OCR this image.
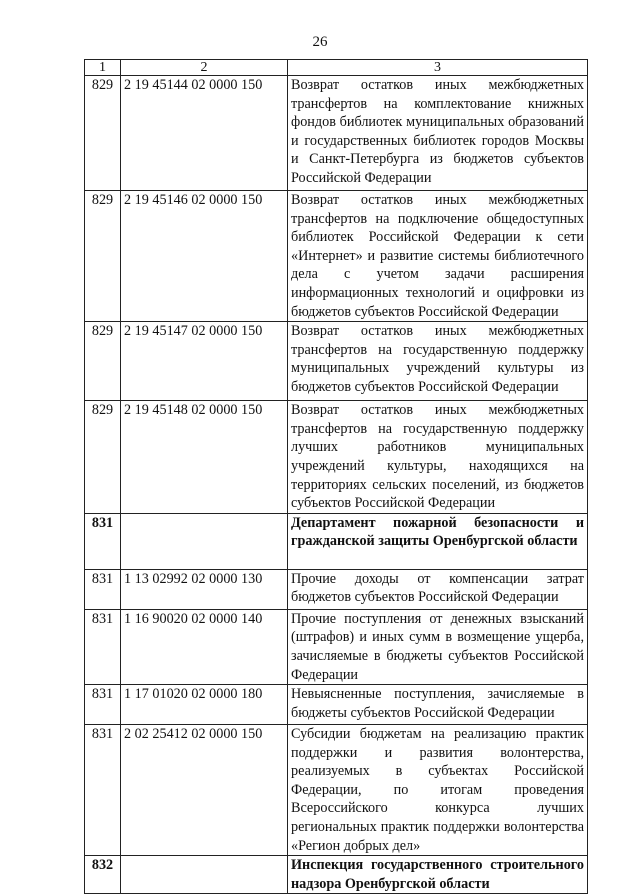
26
1	2	3
829	2 19 45144 02 0000 150	Возврат остатков иных межбюджетных трансфертов на комплектование книжных фондов библиотек муниципальных образований и государственных библиотек городов Москвы и Санкт-Петербурга из бюджетов субъектов Российской Федерации
829	2 19 45146 02 0000 150	Возврат остатков иных межбюджетных трансфертов на подключение общедоступных библиотек Российской Федерации к сети «Интернет» и развитие системы библиотечного дела с учетом задачи расширения информационных технологий и оцифровки из бюджетов субъектов Российской Федерации
829	2 19 45147 02 0000 150	Возврат остатков иных межбюджетных трансфертов на государственную поддержку муниципальных учреждений культуры из бюджетов субъектов Российской Федерации
829	2 19 45148 02 0000 150	Возврат остатков иных межбюджетных трансфертов на государственную поддержку лучших работников муниципальных учреждений культуры, находящихся на территориях сельских поселений, из бюджетов субъектов Российской Федерации
831		Департамент пожарной безопасности и гражданской защиты Оренбургской области
831	1 13 02992 02 0000 130	Прочие доходы от компенсации затрат бюджетов субъектов Российской Федерации
831	1 16 90020 02 0000 140	Прочие поступления от денежных взысканий (штрафов) и иных сумм в возмещение ущерба, зачисляемые в бюджеты субъектов Российской Федерации
831	1 17 01020 02 0000 180	Невыясненные поступления, зачисляемые в бюджеты субъектов Российской Федерации
831	2 02 25412 02 0000 150	Субсидии бюджетам на реализацию практик поддержки и развития волонтерства, реализуемых в субъектах Российской Федерации, по итогам проведения Всероссийского конкурса лучших региональных практик поддержки волонтерства «Регион добрых дел»
832		Инспекция государственного строительного надзора Оренбургской области
